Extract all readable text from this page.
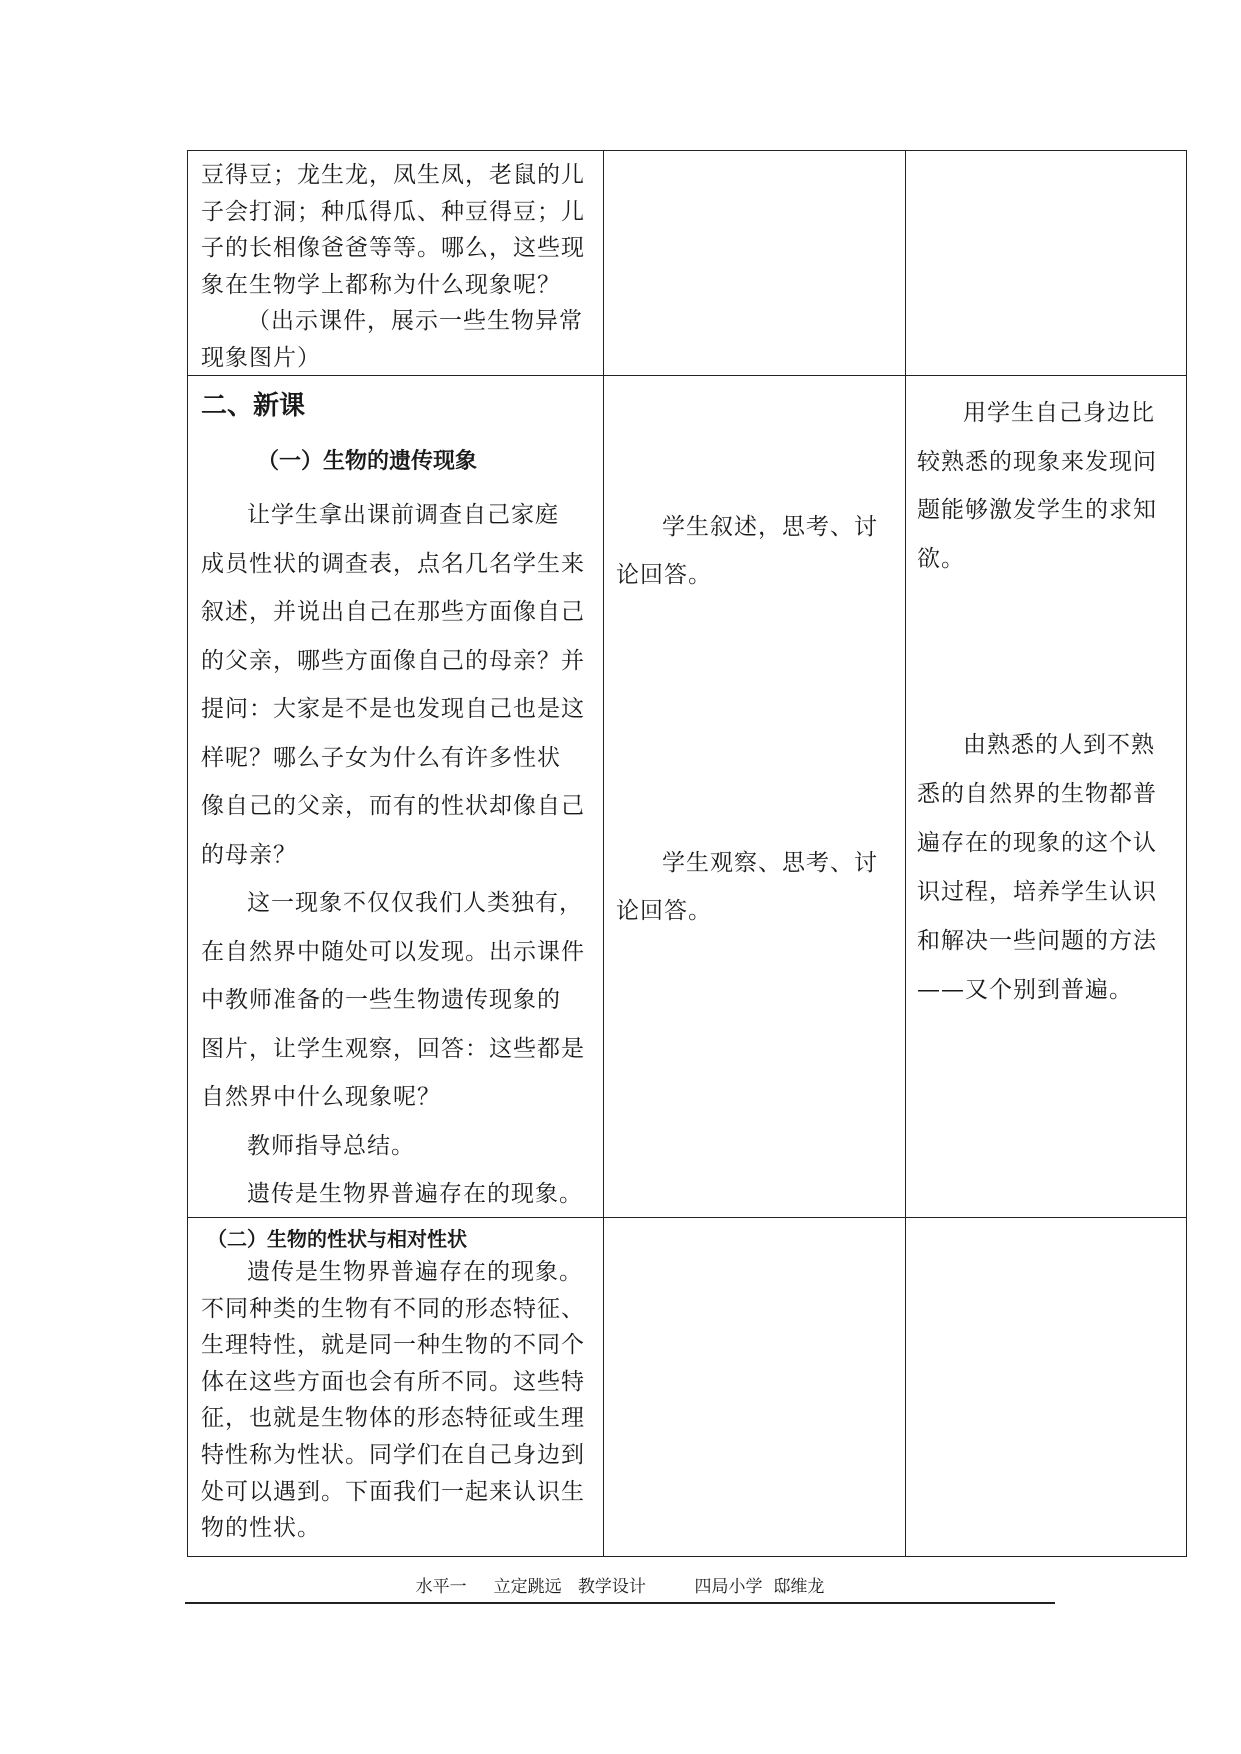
豆得豆；龙生龙，凤生凤，老鼠的儿

子会打洞；种瓜得瓜、种豆得豆；儿

子的长相像爸爸等等。哪么，这些现

象在生物学上都称为什么现象呢？

（出示课件，展示一些生物异常

现象图片）

二、新课

（一）生物的遗传现象

让学生拿出课前调查自己家庭

成员性状的调查表，点名几名学生来

叙述，并说出自己在那些方面像自己

的父亲，哪些方面像自己的母亲？并

提问：大家是不是也发现自己也是这

样呢？哪么子女为什么有许多性状

像自己的父亲，而有的性状却像自己

的母亲？

这一现象不仅仅我们人类独有，

在自然界中随处可以发现。出示课件

中教师准备的一些生物遗传现象的

图片，让学生观察，回答：这些都是

自然界中什么现象呢？

教师指导总结。

遗传是生物界普遍存在的现象。

学生叙述，思考、讨

论回答。

学生观察、思考、讨

论回答。

用学生自己身边比

较熟悉的现象来发现问

题能够激发学生的求知

欲。

由熟悉的人到不熟

悉的自然界的生物都普

遍存在的现象的这个认

识过程，培养学生认识

和解决一些问题的方法

——又个别到普遍。

（二）生物的性状与相对性状

遗传是生物界普遍存在的现象。

不同种类的生物有不同的形态特征、

生理特性，就是同一种生物的不同个

体在这些方面也会有所不同。这些特

征，也就是生物体的形态特征或生理

特性称为性状。同学们在自己身边到

处可以遇到。下面我们一起来认识生

物的性状。

水平一     立定跳远   教学设计         四局小学  邸维龙
